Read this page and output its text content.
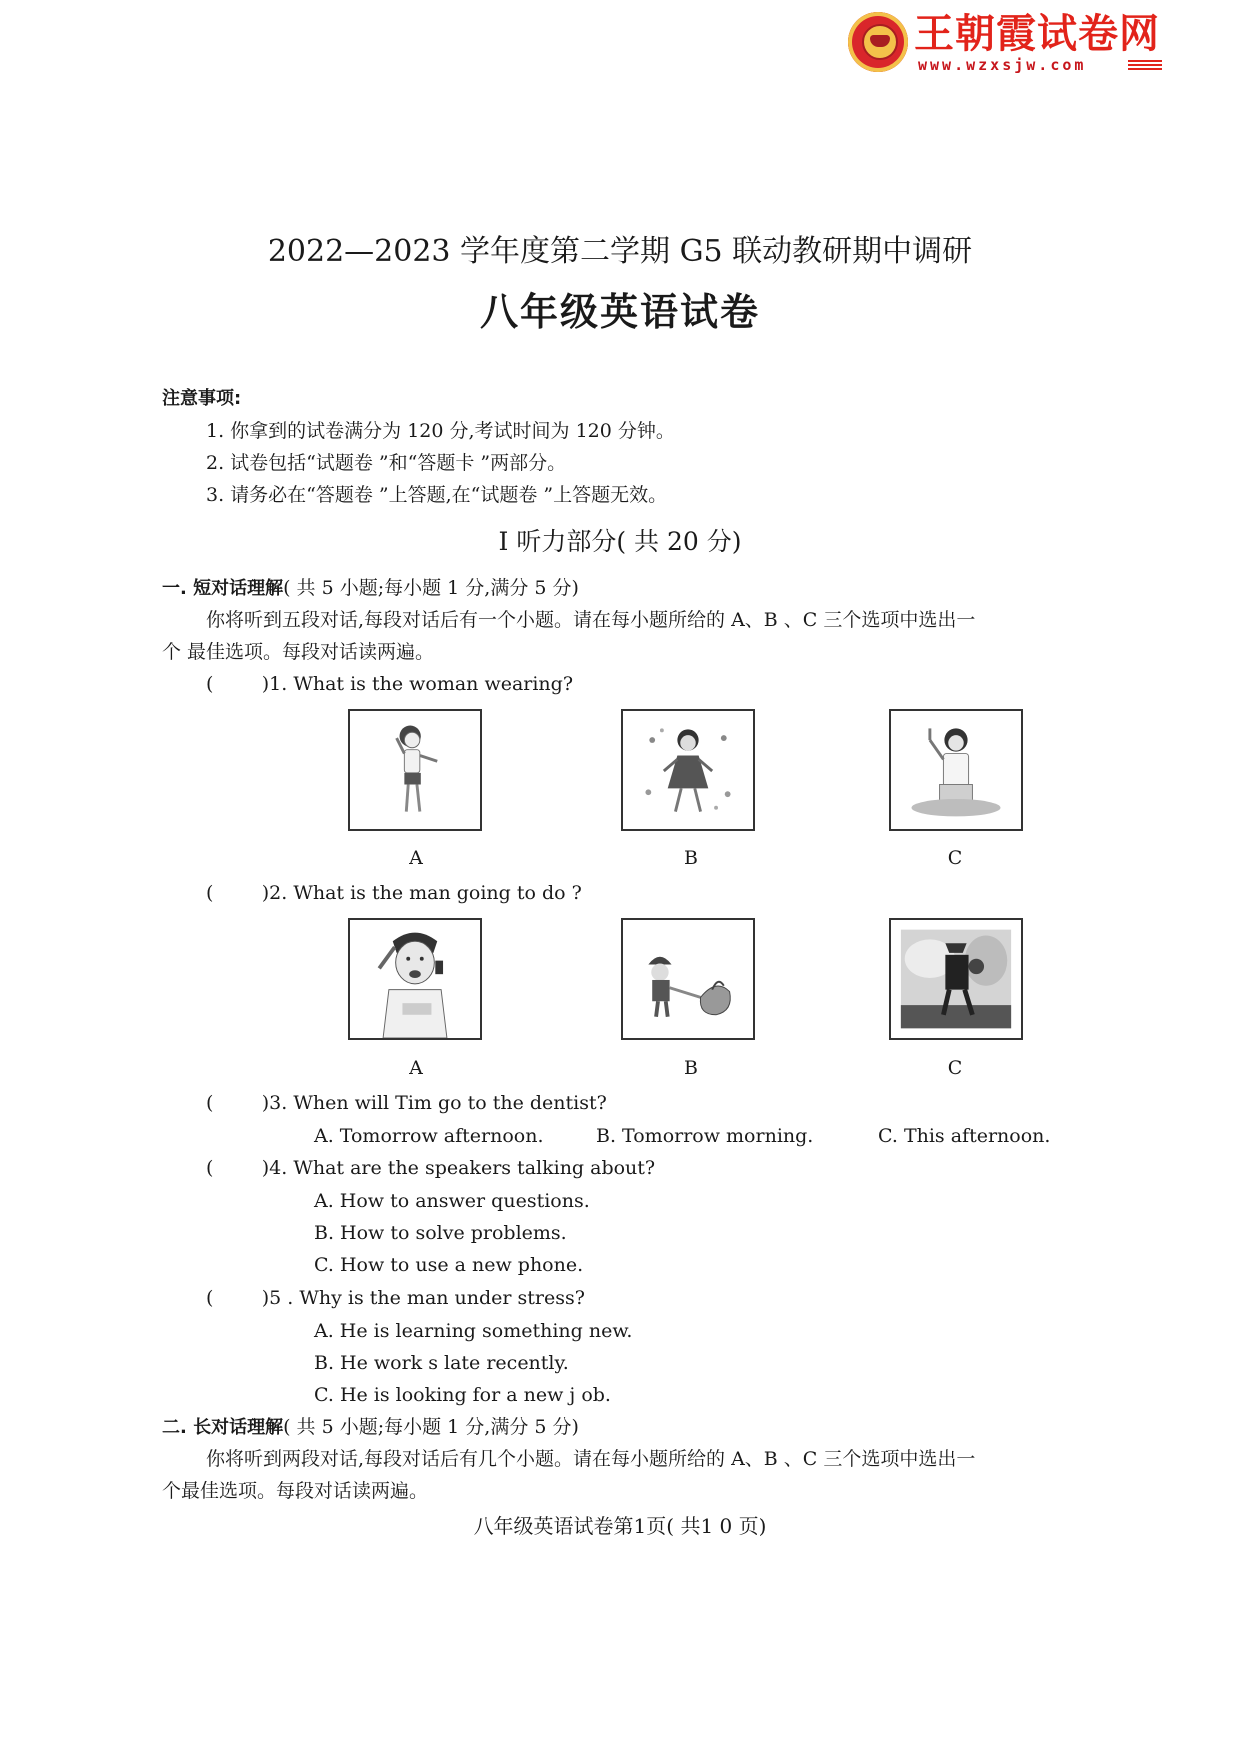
王朝霞试卷网
www.wzxsjw.com
2022—2023 学年度第二学期 G5 联动教研期中调研
八年级英语试卷
注意事项:
1. 你拿到的试卷满分为 120 分,考试时间为 120 分钟。
2. 试卷包括“试题卷 ”和“答题卡 ”两部分。
3. 请务必在“答题卷 ”上答题,在“试题卷 ”上答题无效。
Ⅰ 听力部分( 共 20 分)
一. 短对话理解( 共 5 小题;每小题 1 分,满分 5 分)
你将听到五段对话,每段对话后有一个小题。请在每小题所给的 A、B 、C 三个选项中选出一
个 最佳选项。每段对话读两遍。
(        )1. What is the woman wearing?
A	B	C
(        )2. What is the man going to do ?
A	B	C
(        )3. When will Tim go to the dentist?
A. Tomorrow afternoon.	B. Tomorrow morning.	C. This afternoon.
(        )4. What are the speakers talking about?
A. How to answer questions.
B. How to solve problems.
C. How to use a new phone.
(        )5 . Why is the man under stress?
A. He is learning something new.
B. He work s late recently.
C. He is looking for a new j ob.
二. 长对话理解( 共 5 小题;每小题 1 分,满分 5 分)
你将听到两段对话,每段对话后有几个小题。请在每小题所给的 A、B 、C 三个选项中选出一
个最佳选项。每段对话读两遍。
八年级英语试卷第1页( 共1 0 页)
